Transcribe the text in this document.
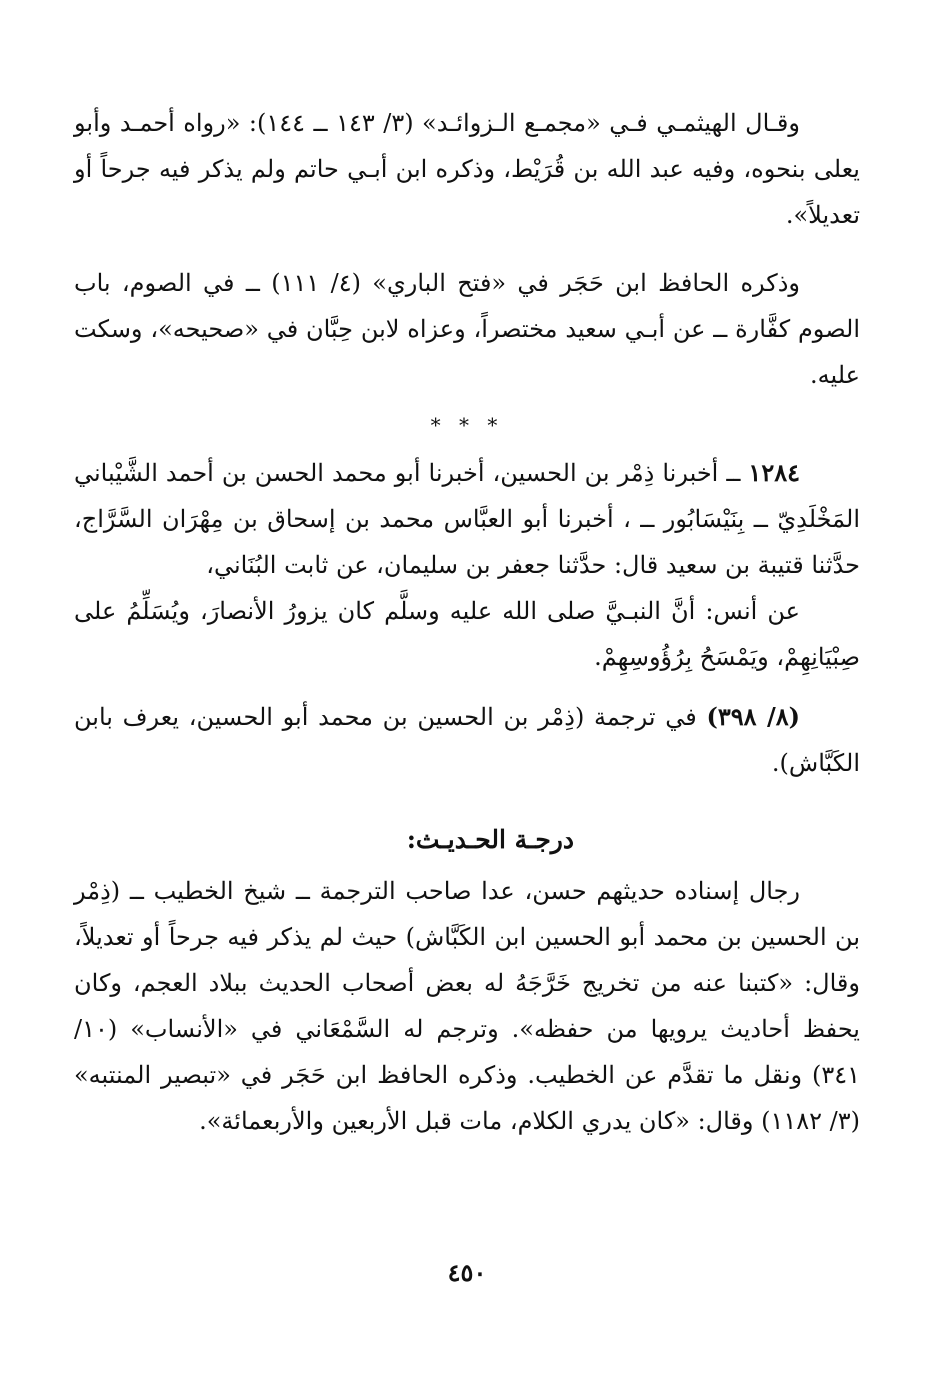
وقـال الهيثمـي فـي «مجمـع الـزوائـد» (٣/ ١٤٣ ــ ١٤٤): «رواه أحمـد وأبو يعلى بنحوه، وفيه عبد الله بن قُرَيْط، وذكره ابن أبـي حاتم ولم يذكر فيه جرحاً أو تعديلاً».

وذكره الحافظ ابن حَجَر في «فتح الباري» (٤/ ١١١) ــ في الصوم، باب الصوم كفَّارة ــ عن أبـي سعيد مختصراً، وعزاه لابن حِبَّان في «صحيحه»، وسكت عليه.

* * *

١٢٨٤ ــ أخبرنا ذِمْر بن الحسين، أخبرنا أبو محمد الحسن بن أحمد الشَّيْباني المَخْلَدِيّ ــ بِنَيْسَابُور ــ ، أخبرنا أبو العبَّاس محمد بن إسحاق بن مِهْرَان السَّرَّاج، حدَّثنا قتيبة بن سعيد قال: حدَّثنا جعفر بن سليمان، عن ثابت البُنَاني،

عن أنس: أنَّ النبـيَّ صلى الله عليه وسلَّم كان يزورُ الأنصارَ، ويُسَلِّمُ على صِبْيَانِهِمْ، ويَمْسَحُ بِرُؤُوسِهِمْ.

(٨/ ٣٩٨) في ترجمة (ذِمْر بن الحسين بن محمد أبو الحسين، يعرف بابن الكَبَّاش).

درجـة الحـديـث:

رجال إسناده حديثهم حسن، عدا صاحب الترجمة ــ شيخ الخطيب ــ (ذِمْر بن الحسين بن محمد أبو الحسين ابن الكَبَّاش) حيث لم يذكر فيه جرحاً أو تعديلاً، وقال: «كتبنا عنه من تخريج خَرَّجَهُ له بعض أصحاب الحديث ببلاد العجم، وكان يحفظ أحاديث يرويها من حفظه». وترجم له السَّمْعَاني في «الأنساب» (١٠/ ٣٤١) ونقل ما تقدَّم عن الخطيب. وذكره الحافظ ابن حَجَر في «تبصير المنتبه» (٣/ ١١٨٢) وقال: «كان يدري الكلام، مات قبل الأربعين والأربعمائة».

٤٥٠
